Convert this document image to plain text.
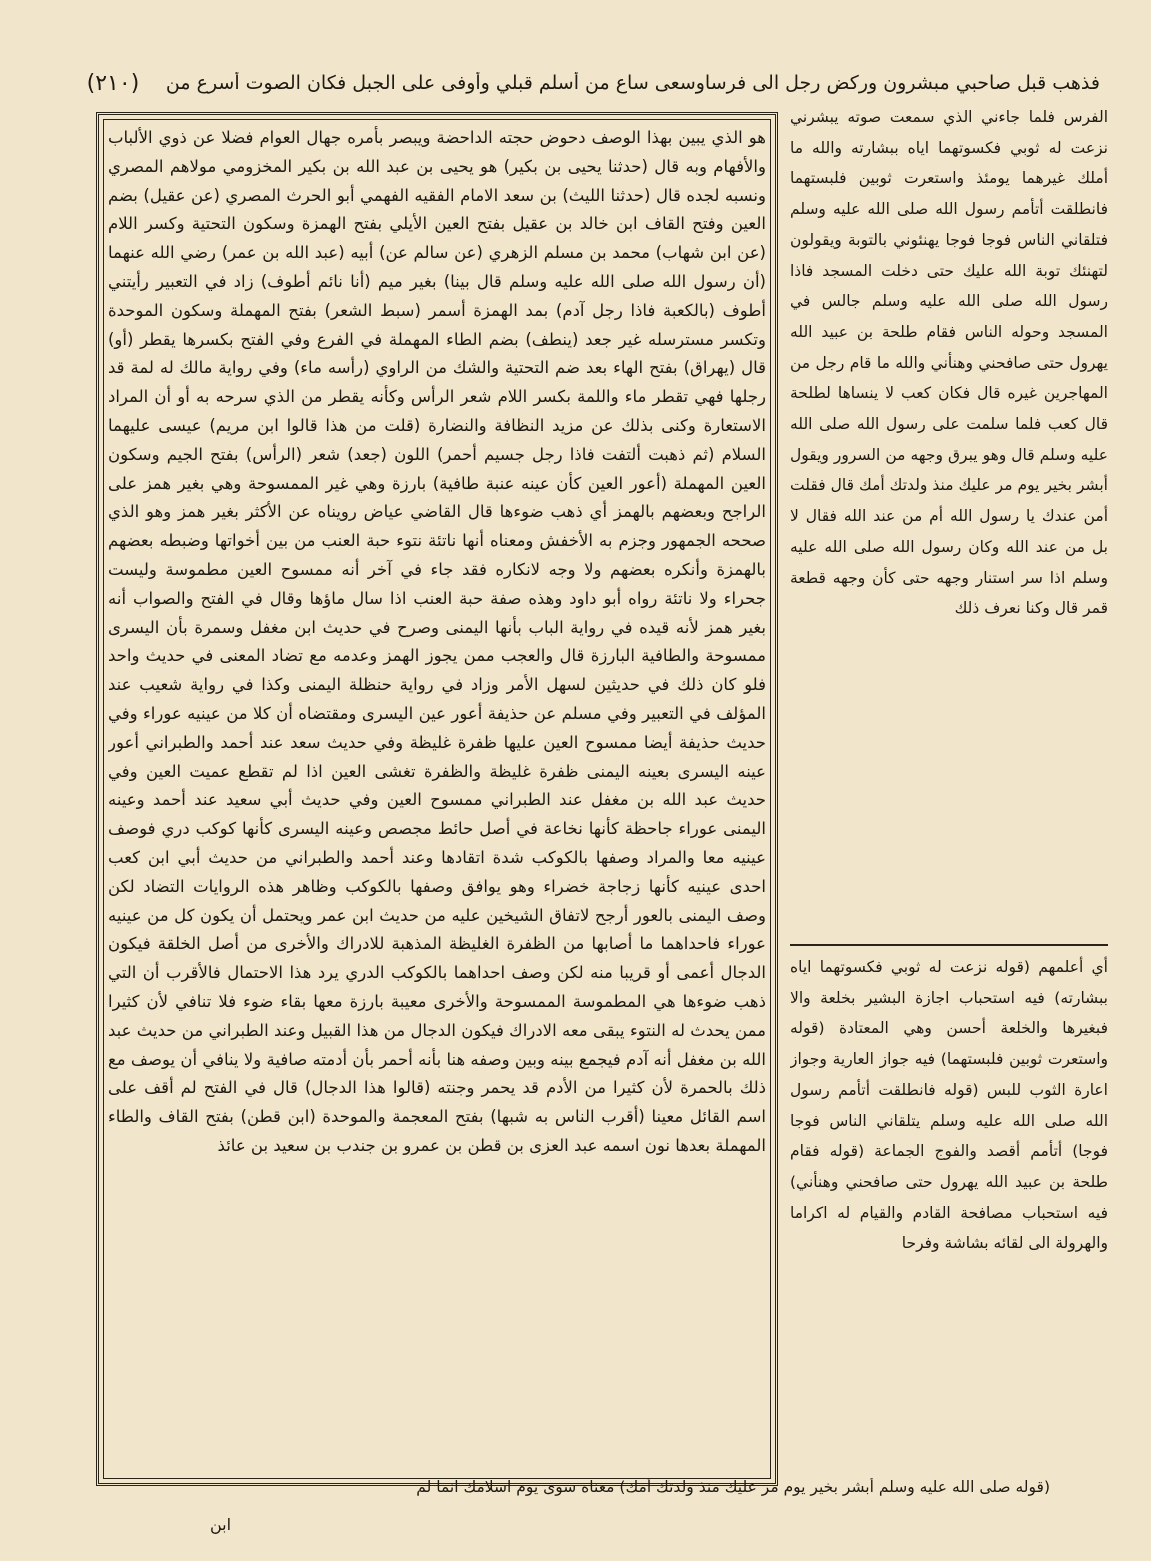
فذهب قبل صاحبي مبشرون وركض رجل الى فرساوسعى ساع من أسلم قبلي وأوفى على الجبل فكان الصوت أسرع من
(٢١٠)

الفرس فلما جاءني الذي سمعت صوته يبشرني نزعت له ثوبي فكسوتهما اياه ببشارته والله ما أملك غيرهما يومئذ واستعرت ثوبين فلبستهما فانطلقت أتأمم رسول الله صلى الله عليه وسلم فتلقاني الناس فوجا فوجا يهنئوني بالتوبة ويقولون لتهنئك توبة الله عليك حتى دخلت المسجد فاذا رسول الله صلى الله عليه وسلم جالس في المسجد وحوله الناس فقام طلحة بن عبيد الله يهرول حتى صافحني وهنأني والله ما قام رجل من المهاجرين غيره قال فكان كعب لا ينساها لطلحة قال كعب فلما سلمت على رسول الله صلى الله عليه وسلم قال وهو يبرق وجهه من السرور ويقول أبشر بخير يوم مر عليك منذ ولدتك أمك قال فقلت أمن عندك يا رسول الله أم من عند الله فقال لا بل من عند الله وكان رسول الله صلى الله عليه وسلم اذا سر استنار وجهه حتى كأن وجهه قطعة قمر قال وكنا نعرف ذلك

أي أعلمهم (قوله نزعت له ثوبي فكسوتهما اياه ببشارته) فيه استحباب اجازة البشير بخلعة والا فبغيرها والخلعة أحسن وهي المعتادة (قوله واستعرت ثوبين فلبستهما) فيه جواز العارية وجواز اعارة الثوب للبس (قوله فانطلقت أتأمم رسول الله صلى الله عليه وسلم يتلقاني الناس فوجا فوجا) أتأمم أقصد والفوج الجماعة (قوله فقام طلحة بن عبيد الله يهرول حتى صافحني وهنأني) فيه استحباب مصافحة القادم والقيام له اكراما والهرولة الى لقائه بشاشة وفرحا

هو الذي يبين بهذا الوصف دحوض حجته الداحضة ويبصر بأمره جهال العوام فضلا عن ذوي الألباب والأفهام وبه قال (حدثنا يحيى بن بكير) هو يحيى بن عبد الله بن بكير المخزومي مولاهم المصري ونسبه لجده قال (حدثنا الليث) بن سعد الامام الفقيه الفهمي أبو الحرث المصري (عن عقيل) بضم العين وفتح القاف ابن خالد بن عقيل بفتح العين الأيلي بفتح الهمزة وسكون التحتية وكسر اللام (عن ابن شهاب) محمد بن مسلم الزهري (عن سالم عن) أبيه (عبد الله بن عمر) رضي الله عنهما (أن رسول الله صلى الله عليه وسلم قال بينا) بغير ميم (أنا نائم أطوف) زاد في التعبير رأيتني أطوف (بالكعبة فاذا رجل آدم) بمد الهمزة أسمر (سبط الشعر) بفتح المهملة وسكون الموحدة وتكسر مسترسله غير جعد (ينطف) بضم الطاء المهملة في الفرع وفي الفتح بكسرها يقطر (أو) قال (يهراق) بفتح الهاء بعد ضم التحتية والشك من الراوي (رأسه ماء) وفي رواية مالك له لمة قد رجلها فهي تقطر ماء واللمة بكسر اللام شعر الرأس وكأنه يقطر من الذي سرحه به أو أن المراد الاستعارة وكنى بذلك عن مزيد النظافة والنضارة (قلت من هذا قالوا ابن مريم) عيسى عليهما السلام (ثم ذهبت ألتفت فاذا رجل جسيم أحمر) اللون (جعد) شعر (الرأس) بفتح الجيم وسكون العين المهملة (أعور العين كأن عينه عنبة طافية) بارزة وهي غير الممسوحة وهي بغير همز على الراجح وبعضهم بالهمز أي ذهب ضوءها قال القاضي عياض رويناه عن الأكثر بغير همز وهو الذي صححه الجمهور وجزم به الأخفش ومعناه أنها ناتئة نتوء حبة العنب من بين أخواتها وضبطه بعضهم بالهمزة وأنكره بعضهم ولا وجه لانكاره فقد جاء في آخر أنه ممسوح العين مطموسة وليست جحراء ولا ناتئة رواه أبو داود وهذه صفة حبة العنب اذا سال ماؤها وقال في الفتح والصواب أنه بغير همز لأنه قيده في رواية الباب بأنها اليمنى وصرح في حديث ابن مغفل وسمرة بأن اليسرى ممسوحة والطافية البارزة قال والعجب ممن يجوز الهمز وعدمه مع تضاد المعنى في حديث واحد فلو كان ذلك في حديثين لسهل الأمر وزاد في رواية حنظلة اليمنى وكذا في رواية شعيب عند المؤلف في التعبير وفي مسلم عن حذيفة أعور عين اليسرى ومقتضاه أن كلا من عينيه عوراء وفي حديث حذيفة أيضا ممسوح العين عليها ظفرة غليظة وفي حديث سعد عند أحمد والطبراني أعور عينه اليسرى بعينه اليمنى ظفرة غليظة والظفرة تغشى العين اذا لم تقطع عميت العين وفي حديث عبد الله بن مغفل عند الطبراني ممسوح العين وفي حديث أبي سعيد عند أحمد وعينه اليمنى عوراء جاحظة كأنها نخاعة في أصل حائط مجصص وعينه اليسرى كأنها كوكب دري فوصف عينيه معا والمراد وصفها بالكوكب شدة اتقادها وعند أحمد والطبراني من حديث أبي ابن كعب احدى عينيه كأنها زجاجة خضراء وهو يوافق وصفها بالكوكب وظاهر هذه الروايات التضاد لكن وصف اليمنى بالعور أرجح لاتفاق الشيخين عليه من حديث ابن عمر ويحتمل أن يكون كل من عينيه عوراء فاحداهما ما أصابها من الظفرة الغليظة المذهبة للادراك والأخرى من أصل الخلقة فيكون الدجال أعمى أو قريبا منه لكن وصف احداهما بالكوكب الدري يرد هذا الاحتمال فالأقرب أن التي ذهب ضوءها هي المطموسة الممسوحة والأخرى معيبة بارزة معها بقاء ضوء فلا تنافي لأن كثيرا ممن يحدث له النتوء يبقى معه الادراك فيكون الدجال من هذا القبيل وعند الطبراني من حديث عبد الله بن مغفل أنه آدم فيجمع بينه وبين وصفه هنا بأنه أحمر بأن أدمته صافية ولا ينافي أن يوصف مع ذلك بالحمرة لأن كثيرا من الأدم قد يحمر وجنته (قالوا هذا الدجال) قال في الفتح لم أقف على اسم القائل معينا (أقرب الناس به شبها) بفتح المعجمة والموحدة (ابن قطن) بفتح القاف والطاء المهملة بعدها نون اسمه عبد العزى بن قطن بن عمرو بن جندب بن سعيد بن عائذ

(قوله صلى الله عليه وسلم أبشر بخير يوم مر عليك منذ ولدتك أمك) معناه سوى يوم اسلامك انما لم
ابن
